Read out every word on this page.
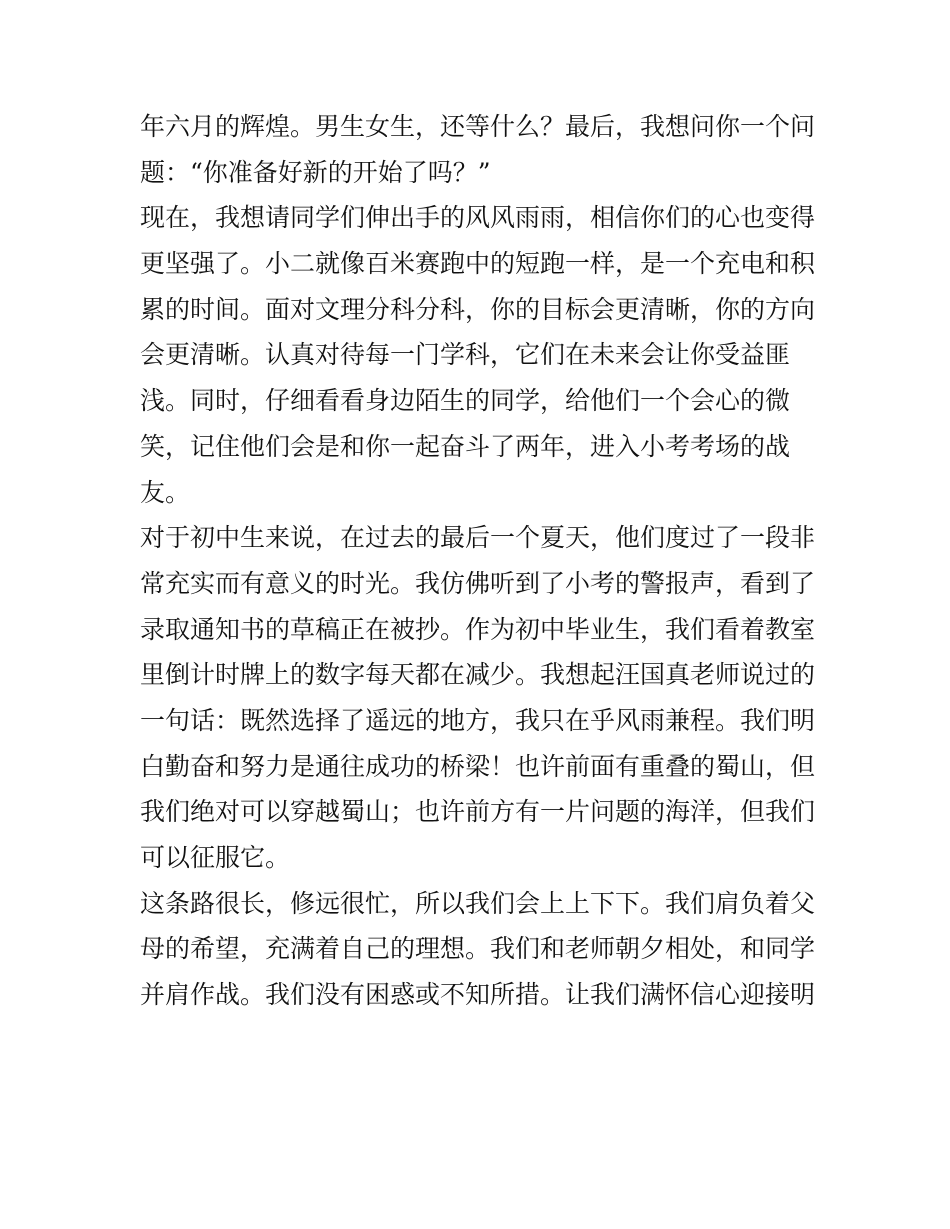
年六月的辉煌。男生女生，还等什么？最后，我想问你一个问
题：“你准备好新的开始了吗？”
现在，我想请同学们伸出手的风风雨雨，相信你们的心也变得
更坚强了。小二就像百米赛跑中的短跑一样，是一个充电和积
累的时间。面对文理分科分科，你的目标会更清晰，你的方向
会更清晰。认真对待每一门学科，它们在未来会让你受益匪
浅。同时，仔细看看身边陌生的同学，给他们一个会心的微
笑，记住他们会是和你一起奋斗了两年，进入小考考场的战
友。
对于初中生来说，在过去的最后一个夏天，他们度过了一段非
常充实而有意义的时光。我仿佛听到了小考的警报声，看到了
录取通知书的草稿正在被抄。作为初中毕业生，我们看着教室
里倒计时牌上的数字每天都在减少。我想起汪国真老师说过的
一句话：既然选择了遥远的地方，我只在乎风雨兼程。我们明
白勤奋和努力是通往成功的桥梁！也许前面有重叠的蜀山，但
我们绝对可以穿越蜀山；也许前方有一片问题的海洋，但我们
可以征服它。
这条路很长，修远很忙，所以我们会上上下下。我们肩负着父
母的希望，充满着自己的理想。我们和老师朝夕相处，和同学
并肩作战。我们没有困惑或不知所措。让我们满怀信心迎接明
